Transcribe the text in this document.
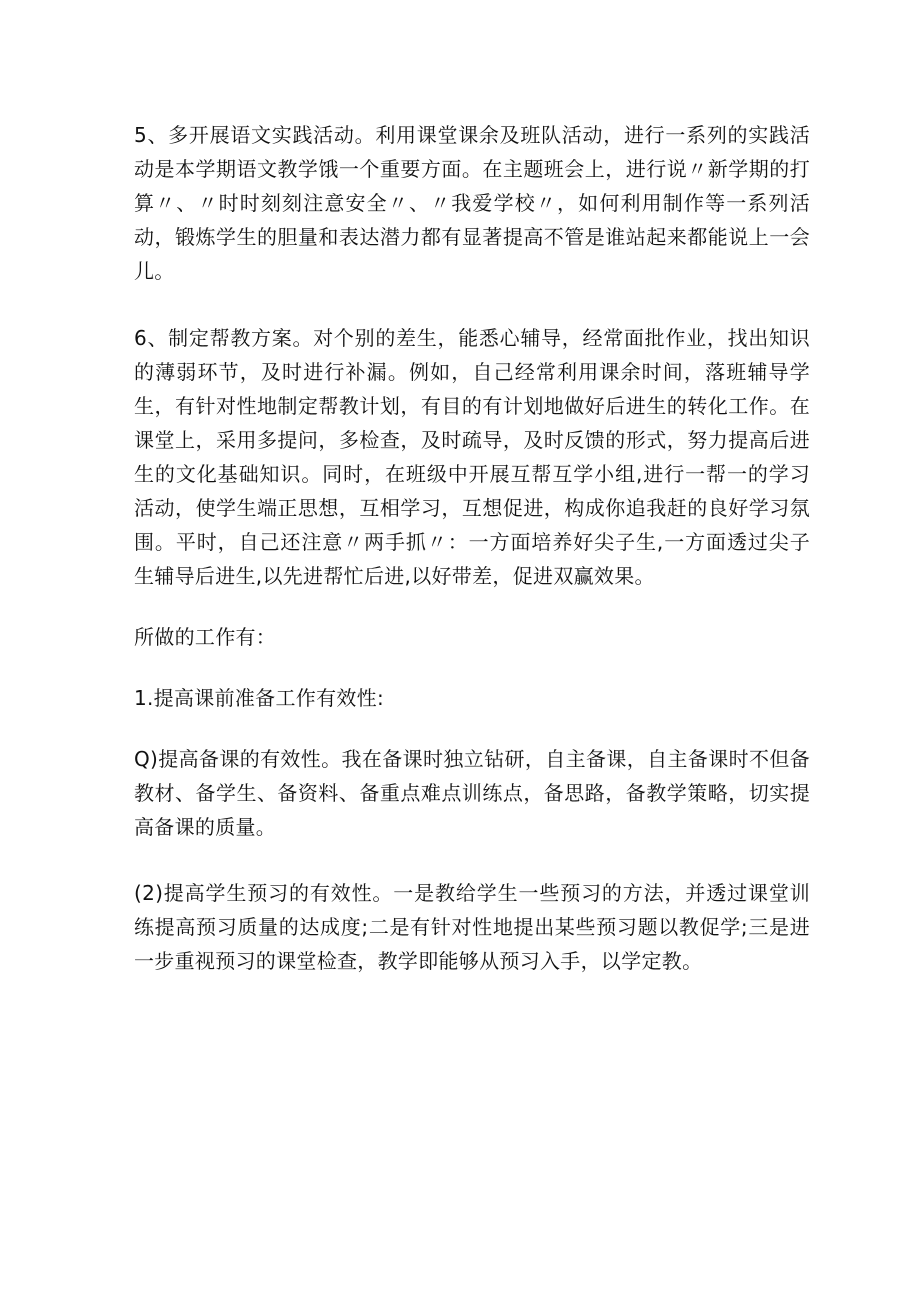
5、多开展语文实践活动。利用课堂课余及班队活动，进行一系列的实践活动是本学期语文教学饿一个重要方面。在主题班会上，进行说〃新学期的打算〃、〃时时刻刻注意安全〃、〃我爱学校〃，如何利用制作等一系列活动，锻炼学生的胆量和表达潜力都有显著提高不管是谁站起来都能说上一会儿。

6、制定帮教方案。对个别的差生，能悉心辅导，经常面批作业，找出知识的薄弱环节，及时进行补漏。例如，自己经常利用课余时间，落班辅导学生，有针对性地制定帮教计划，有目的有计划地做好后进生的转化工作。在课堂上，采用多提问，多检查，及时疏导，及时反馈的形式，努力提高后进生的文化基础知识。同时，在班级中开展互帮互学小组,进行一帮一的学习活动，使学生端正思想，互相学习，互想促进，构成你追我赶的良好学习氛围。平时，自己还注意〃两手抓〃：一方面培养好尖子生,一方面透过尖子生辅导后进生,以先进帮忙后进,以好带差，促进双赢效果。

所做的工作有：

1.提高课前准备工作有效性:

Q)提高备课的有效性。我在备课时独立钻研，自主备课，自主备课时不但备教材、备学生、备资料、备重点难点训练点，备思路，备教学策略，切实提高备课的质量。

(2)提高学生预习的有效性。一是教给学生一些预习的方法，并透过课堂训练提高预习质量的达成度;二是有针对性地提出某些预习题以教促学;三是进一步重视预习的课堂检查，教学即能够从预习入手，以学定教。
